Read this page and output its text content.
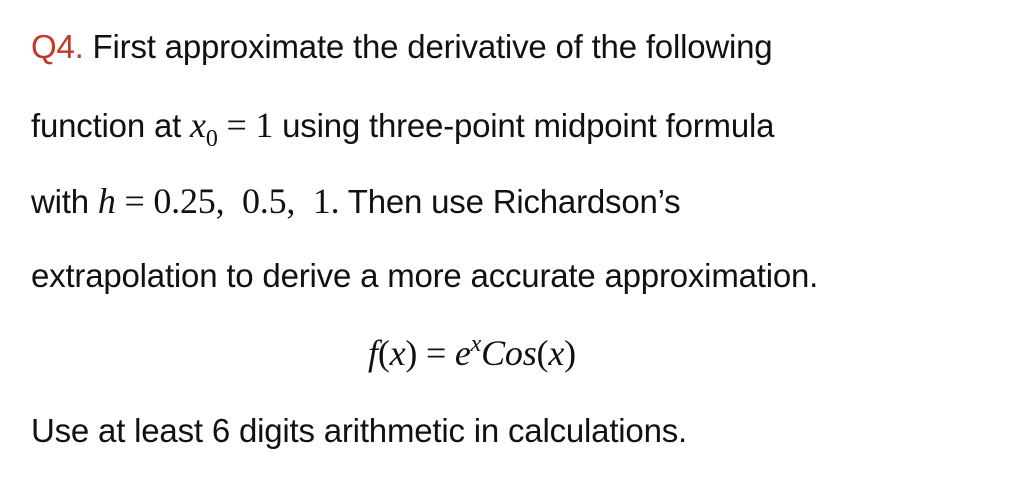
Q4. First approximate the derivative of the following
function at $x_0 = 1$ using three-point midpoint formula
with h = 0.25,  0.5,  1. Then use Richardson’s
extrapolation to derive a more accurate approximation.
$f(x) = e^xCos(x)$
Use at least 6 digits arithmetic in calculations.
